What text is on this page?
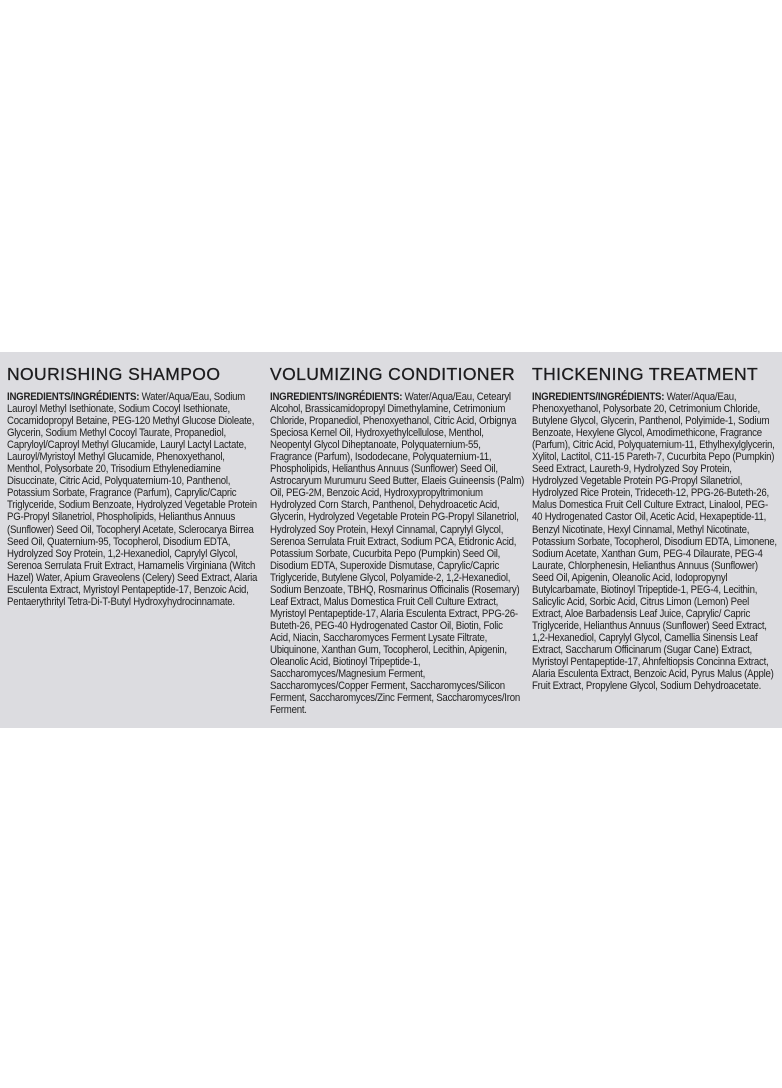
NOURISHING SHAMPOO

INGREDIENTS/INGRÉDIENTS: Water/Aqua/Eau, Sodium Lauroyl Methyl Isethionate, Sodium Cocoyl Isethionate, Cocamidopropyl Betaine, PEG-120 Methyl Glucose Dioleate, Glycerin, Sodium Methyl Cocoyl Taurate, Propanediol, Capryloyl/Caproyl Methyl Glucamide, Lauryl Lactyl Lactate, Lauroyl/Myristoyl Methyl Glucamide, Phenoxyethanol, Menthol, Polysorbate 20, Trisodium Ethylenediamine Disuccinate, Citric Acid, Polyquaternium-10, Panthenol, Potassium Sorbate, Fragrance (Parfum), Caprylic/Capric Triglyceride, Sodium Benzoate, Hydrolyzed Vegetable Protein PG-Propyl Silanetriol, Phospholipids, Helianthus Annuus (Sunflower) Seed Oil, Tocopheryl Acetate, Sclerocarya Birrea Seed Oil, Quaternium-95, Tocopherol, Disodium EDTA, Hydrolyzed Soy Protein, 1,2-Hexanediol, Caprylyl Glycol, Serenoa Serrulata Fruit Extract, Hamamelis Virginiana (Witch Hazel) Water, Apium Graveolens (Celery) Seed Extract, Alaria Esculenta Extract, Myristoyl Pentapeptide-17, Benzoic Acid, Pentaerythrityl Tetra-Di-T-Butyl Hydroxyhydrocinnamate.

VOLUMIZING CONDITIONER

INGREDIENTS/INGRÉDIENTS: Water/Aqua/Eau, Cetearyl Alcohol, Brassicamidopropyl Dimethylamine, Cetrimonium Chloride, Propanediol, Phenoxyethanol, Citric Acid, Orbignya Speciosa Kernel Oil, Hydroxyethylcellulose, Menthol, Neopentyl Glycol Diheptanoate, Polyquaternium-55, Fragrance (Parfum), Isododecane, Polyquaternium-11, Phospholipids, Helianthus Annuus (Sunflower) Seed Oil, Astrocaryum Murumuru Seed Butter, Elaeis Guineensis (Palm) Oil, PEG-2M, Benzoic Acid, Hydroxypropyltrimonium Hydrolyzed Corn Starch, Panthenol, Dehydroacetic Acid, Glycerin, Hydrolyzed Vegetable Protein PG-Propyl Silanetriol, Hydrolyzed Soy Protein, Hexyl Cinnamal, Caprylyl Glycol, Serenoa Serrulata Fruit Extract, Sodium PCA, Etidronic Acid, Potassium Sorbate, Cucurbita Pepo (Pumpkin) Seed Oil, Disodium EDTA, Superoxide Dismutase, Caprylic/Capric Triglyceride, Butylene Glycol, Polyamide-2, 1,2-Hexanediol, Sodium Benzoate, TBHQ, Rosmarinus Officinalis (Rosemary) Leaf Extract, Malus Domestica Fruit Cell Culture Extract, Myristoyl Pentapeptide-17, Alaria Esculenta Extract, PPG-26-Buteth-26, PEG-40 Hydrogenated Castor Oil, Biotin, Folic Acid, Niacin, Saccharomyces Ferment Lysate Filtrate, Ubiquinone, Xanthan Gum, Tocopherol, Lecithin, Apigenin, Oleanolic Acid, Biotinoyl Tripeptide-1, Saccharomyces/Magnesium Ferment, Saccharomyces/Copper Ferment, Saccharomyces/Silicon Ferment, Saccharomyces/Zinc Ferment, Saccharomyces/Iron Ferment.

THICKENING TREATMENT

INGREDIENTS/INGRÉDIENTS: Water/Aqua/Eau, Phenoxyethanol, Polysorbate 20, Cetrimonium Chloride, Butylene Glycol, Glycerin, Panthenol, Polyimide-1, Sodium Benzoate, Hexylene Glycol, Amodimethicone, Fragrance (Parfum), Citric Acid, Polyquaternium-11, Ethylhexylglycerin, Xylitol, Lactitol, C11-15 Pareth-7, Cucurbita Pepo (Pumpkin) Seed Extract, Laureth-9, Hydrolyzed Soy Protein, Hydrolyzed Vegetable Protein PG-Propyl Silanetriol, Hydrolyzed Rice Protein, Trideceth-12, PPG-26-Buteth-26, Malus Domestica Fruit Cell Culture Extract, Linalool, PEG-40 Hydrogenated Castor Oil, Acetic Acid, Hexapeptide-11, Benzyl Nicotinate, Hexyl Cinnamal, Methyl Nicotinate, Potassium Sorbate, Tocopherol, Disodium EDTA, Limonene, Sodium Acetate, Xanthan Gum, PEG-4 Dilaurate, PEG-4 Laurate, Chlorphenesin, Helianthus Annuus (Sunflower) Seed Oil, Apigenin, Oleanolic Acid, Iodopropynyl Butylcarbamate, Biotinoyl Tripeptide-1, PEG-4, Lecithin, Salicylic Acid, Sorbic Acid, Citrus Limon (Lemon) Peel Extract, Aloe Barbadensis Leaf Juice, Caprylic/ Capric Triglyceride, Helianthus Annuus (Sunflower) Seed Extract, 1,2-Hexanediol, Caprylyl Glycol, Camellia Sinensis Leaf Extract, Saccharum Officinarum (Sugar Cane) Extract, Myristoyl Pentapeptide-17, Ahnfeltiopsis Concinna Extract, Alaria Esculenta Extract, Benzoic Acid, Pyrus Malus (Apple) Fruit Extract, Propylene Glycol, Sodium Dehydroacetate.
